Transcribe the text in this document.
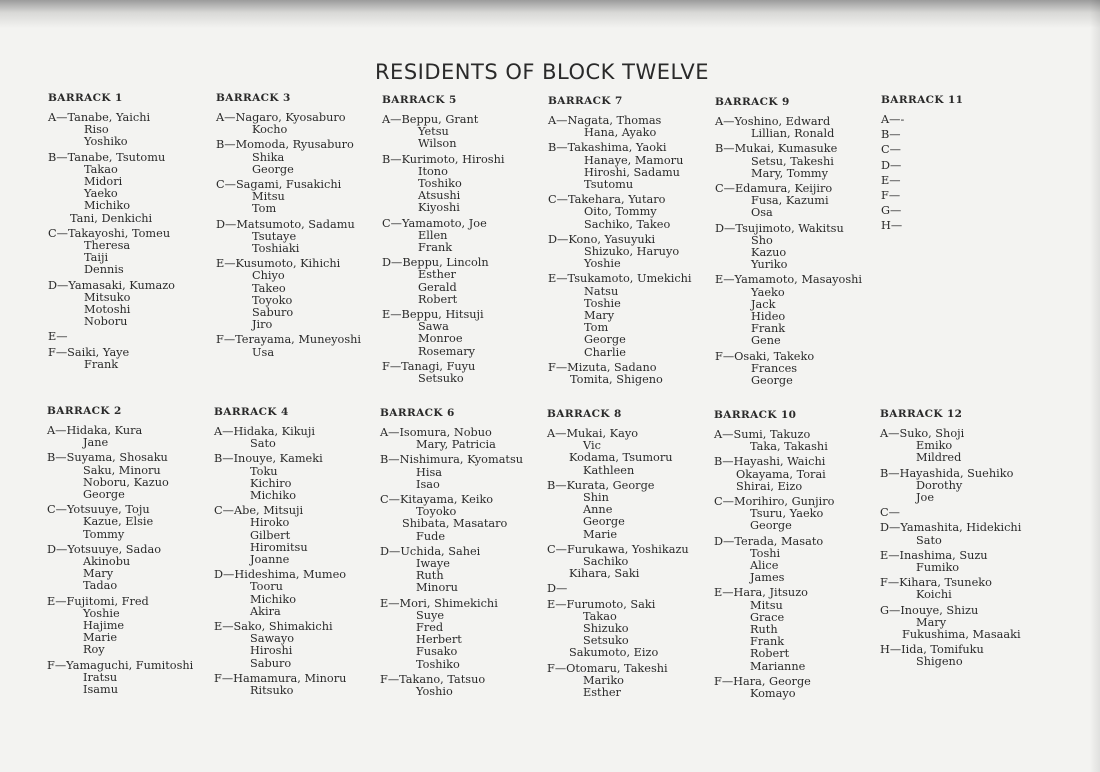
RESIDENTS OF BLOCK TWELVE
BARRACK 1
A—Tanabe, Yaichi
Riso
Yoshiko
B—Tanabe, Tsutomu
Takao
Midori
Yaeko
Michiko
Tani, Denkichi
C—Takayoshi, Tomeu
Theresa
Taiji
Dennis
D—Yamasaki, Kumazo
Mitsuko
Motoshi
Noboru
E—
F—Saiki, Yaye
Frank
BARRACK 3
A—Nagaro, Kyosaburo
Kocho
B—Momoda, Ryusaburo
Shika
George
C—Sagami, Fusakichi
Mitsu
Tom
D—Matsumoto, Sadamu
Tsutaye
Toshiaki
E—Kusumoto, Kihichi
Chiyo
Takeo
Toyoko
Saburo
Jiro
F—Terayama, Muneyoshi
Usa
BARRACK 5
A—Beppu, Grant
Yetsu
Wilson
B—Kurimoto, Hiroshi
Itono
Toshiko
Atsushi
Kiyoshi
C—Yamamoto, Joe
Ellen
Frank
D—Beppu, Lincoln
Esther
Gerald
Robert
E—Beppu, Hitsuji
Sawa
Monroe
Rosemary
F—Tanagi, Fuyu
Setsuko
BARRACK 7
A—Nagata, Thomas
Hana, Ayako
B—Takashima, Yaoki
Hanaye, Mamoru
Hiroshi, Sadamu
Tsutomu
C—Takehara, Yutaro
Oito, Tommy
Sachiko, Takeo
D—Kono, Yasuyuki
Shizuko, Haruyo
Yoshie
E—Tsukamoto, Umekichi
Natsu
Toshie
Mary
Tom
George
Charlie
F—Mizuta, Sadano
Tomita, Shigeno
BARRACK 9
A—Yoshino, Edward
Lillian, Ronald
B—Mukai, Kumasuke
Setsu, Takeshi
Mary, Tommy
C—Edamura, Keijiro
Fusa, Kazumi
Osa
D—Tsujimoto, Wakitsu
Sho
Kazuo
Yuriko
E—Yamamoto, Masayoshi
Yaeko
Jack
Hideo
Frank
Gene
F—Osaki, Takeko
Frances
George
BARRACK 11
A—-
B—
C—
D—
E—
F—
G—
H—
BARRACK 2
A—Hidaka, Kura
Jane
B—Suyama, Shosaku
Saku, Minoru
Noboru, Kazuo
George
C—Yotsuuye, Toju
Kazue, Elsie
Tommy
D—Yotsuuye, Sadao
Akinobu
Mary
Tadao
E—Fujitomi, Fred
Yoshie
Hajime
Marie
Roy
F—Yamaguchi, Fumitoshi
Iratsu
Isamu
BARRACK 4
A—Hidaka, Kikuji
Sato
B—Inouye, Kameki
Toku
Kichiro
Michiko
C—Abe, Mitsuji
Hiroko
Gilbert
Hiromitsu
Joanne
D—Hideshima, Mumeo
Tooru
Michiko
Akira
E—Sako, Shimakichi
Sawayo
Hiroshi
Saburo
F—Hamamura, Minoru
Ritsuko
BARRACK 6
A—Isomura, Nobuo
Mary, Patricia
B—Nishimura, Kyomatsu
Hisa
Isao
C—Kitayama, Keiko
Toyoko
Shibata, Masataro
Fude
D—Uchida, Sahei
Iwaye
Ruth
Minoru
E—Mori, Shimekichi
Suye
Fred
Herbert
Fusako
Toshiko
F—Takano, Tatsuo
Yoshio
BARRACK 8
A—Mukai, Kayo
Vic
Kodama, Tsumoru
Kathleen
B—Kurata, George
Shin
Anne
George
Marie
C—Furukawa, Yoshikazu
Sachiko
Kihara, Saki
D—
E—Furumoto, Saki
Takao
Shizuko
Setsuko
Sakumoto, Eizo
F—Otomaru, Takeshi
Mariko
Esther
BARRACK 10
A—Sumi, Takuzo
Taka, Takashi
B—Hayashi, Waichi
Okayama, Torai
Shirai, Eizo
C—Morihiro, Gunjiro
Tsuru, Yaeko
George
D—Terada, Masato
Toshi
Alice
James
E—Hara, Jitsuzo
Mitsu
Grace
Ruth
Frank
Robert
Marianne
F—Hara, George
Komayo
BARRACK 12
A—Suko, Shoji
Emiko
Mildred
B—Hayashida, Suehiko
Dorothy
Joe
C—
D—Yamashita, Hidekichi
Sato
E—Inashima, Suzu
Fumiko
F—Kihara, Tsuneko
Koichi
G—Inouye, Shizu
Mary
Fukushima, Masaaki
H—Iida, Tomifuku
Shigeno
